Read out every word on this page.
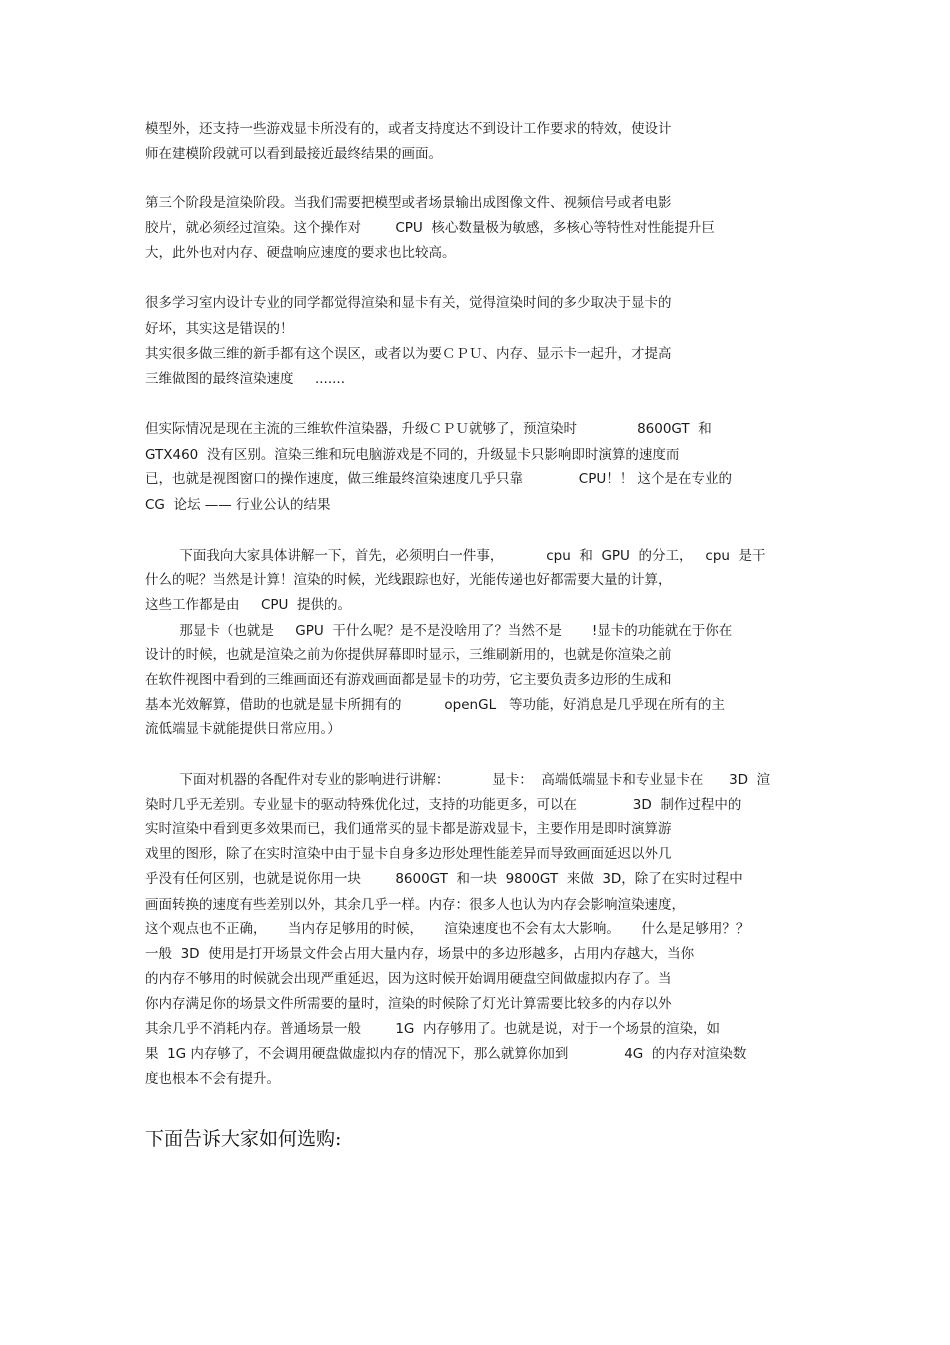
模型外，还支持一些游戏显卡所没有的，或者支持度达不到设计工作要求的特效，使设计
师在建模阶段就可以看到最接近最终结果的画面。
第三个阶段是渲染阶段。当我们需要把模型或者场景输出成图像文件、视频信号或者电影
胶片，就必须经过渲染。这个操作对        CPU  核心数量极为敏感，多核心等特性对性能提升巨
大，此外也对内存、硬盘响应速度的要求也比较高。
很多学习室内设计专业的同学都觉得渲染和显卡有关，觉得渲染时间的多少取决于显卡的
好坏，其实这是错误的！
其实很多做三维的新手都有这个误区，或者以为要ＣＰＵ、内存、显示卡一起升，才提高
三维做图的最终渲染速度     .......
但实际情况是现在主流的三维软件渲染器，升级ＣＰＵ就够了，预渲染时              8600GT  和
GTX460  没有区别。渲染三维和玩电脑游戏是不同的，升级显卡只影响即时演算的速度而
已，也就是视图窗口的操作速度，做三维最终渲染速度几乎只靠             CPU！！ 这个是在专业的
CG  论坛 —— 行业公认的结果
下面我向大家具体讲解一下，首先，必须明白一件事，          cpu  和  GPU  的分工，   cpu  是干
什么的呢？当然是计算！渲染的时候，光线跟踪也好，光能传递也好都需要大量的计算，
这些工作都是由     CPU  提供的。
那显卡（也就是     GPU  干什么呢？是不是没啥用了？当然不是       !显卡的功能就在于你在
设计的时候，也就是渲染之前为你提供屏幕即时显示，三维刷新用的，也就是你渲染之前
在软件视图中看到的三维画面还有游戏画面都是显卡的功劳，它主要负责多边形的生成和
基本光效解算，借助的也就是显卡所拥有的          openGL   等功能，好消息是几乎现在所有的主
流低端显卡就能提供日常应用。）
下面对机器的各配件对专业的影响进行讲解：          显卡：  高端低端显卡和专业显卡在      3D  渲
染时几乎无差别。专业显卡的驱动特殊优化过，支持的功能更多，可以在             3D  制作过程中的
实时渲染中看到更多效果而已，我们通常买的显卡都是游戏显卡，主要作用是即时演算游
戏里的图形，除了在实时渲染中由于显卡自身多边形处理性能差异而导致画面延迟以外几
乎没有任何区别，也就是说你用一块        8600GT  和一块  9800GT  来做  3D，除了在实时过程中
画面转换的速度有些差别以外，其余几乎一样。内存：很多人也认为内存会影响渲染速度，
这个观点也不正确，     当内存足够用的时候，     渲染速度也不会有太大影响。     什么是足够用？？
一般  3D  使用是打开场景文件会占用大量内存，场景中的多边形越多，占用内存越大，当你
的内存不够用的时候就会出现严重延迟，因为这时候开始调用硬盘空间做虚拟内存了。当
你内存满足你的场景文件所需要的量时，渲染的时候除了灯光计算需要比较多的内存以外
其余几乎不消耗内存。普通场景一般        1G  内存够用了。也就是说，对于一个场景的渲染，如
果  1G 内存够了，不会调用硬盘做虚拟内存的情况下，那么就算你加到             4G  的内存对渲染数
度也根本不会有提升。
下面告诉大家如何选购:
